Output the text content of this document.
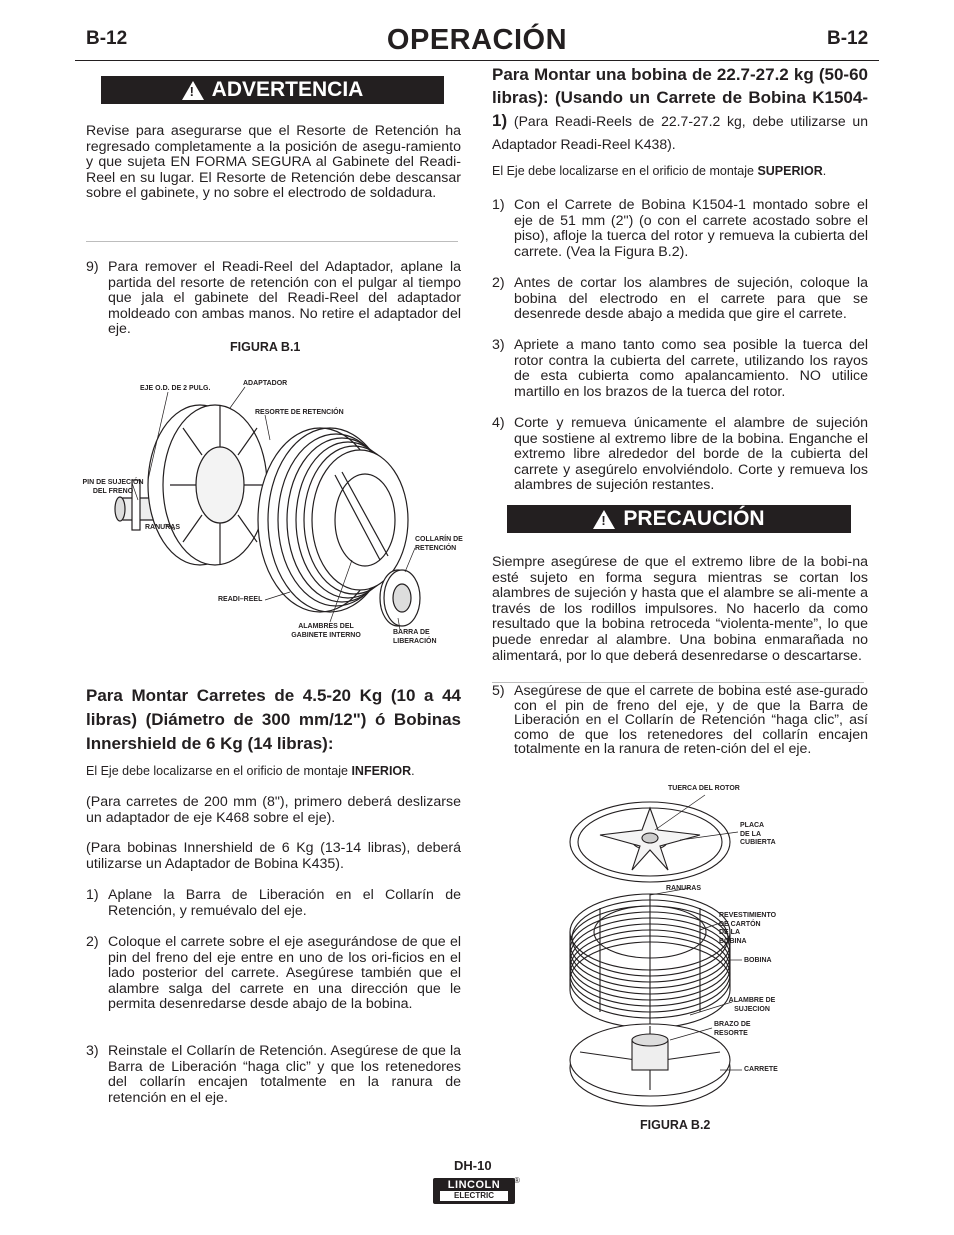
B-12	OPERACIÓN	B-12
! ADVERTENCIA
Revise para asegurarse que el Resorte de Retención ha regresado completamente a la posición de asegu-ramiento y que sujeta EN FORMA SEGURA al Gabinete del Readi-Reel en su lugar. El Resorte de Retención debe descansar sobre el gabinete, y no sobre el electrodo de soldadura.
9) Para remover el Readi-Reel del Adaptador, aplane la partida del resorte de retención con el pulgar al tiempo que jala el gabinete del Readi-Reel del adaptador moldeado con ambas manos. No retire el adaptador del eje.
FIGURA B.1
EJE O.D. DE 2 PULG.
ADAPTADOR
RESORTE DE RETENCIÓN
PIN DE SUJECIÓN
DEL FRENO
RANURAS
COLLARÍN DE
RETENCIÓN
READI–REEL
ALAMBRES DEL
GABINETE INTERNO	BARRA DE
LIBERACIÓN
Para Montar Carretes de 4.5-20 Kg (10 a 44 libras) (Diámetro de 300 mm/12") ó Bobinas Innershield de 6 Kg (14 libras):
El Eje debe localizarse en el orificio de montaje INFERIOR.
(Para carretes de 200 mm (8"), primero deberá deslizarse un adaptador de eje K468 sobre el eje).
(Para bobinas Innershield de 6 Kg (13-14 libras), deberá utilizarse un Adaptador de Bobina K435).
1) Aplane la Barra de Liberación en el Collarín de Retención, y remuévalo del eje.
2) Coloque el carrete sobre el eje asegurándose de que el pin del freno del eje entre en uno de los ori-ficios en el lado posterior del carrete. Asegúrese también que el alambre salga del carrete en una dirección que le permita desenredarse desde abajo de la bobina.
3) Reinstale el Collarín de Retención. Asegúrese de que la Barra de Liberación “haga clic” y que los retenedores del collarín encajen totalmente en la ranura de retención en el eje.
Para Montar una bobina de 22.7-27.2 kg (50-60 libras): (Usando un Carrete de Bobina K1504-1) (Para Readi-Reels de 22.7-27.2 kg, debe utilizarse un Adaptador Readi-Reel K438).
El Eje debe localizarse en el orificio de montaje SUPERIOR.
1) Con el Carrete de Bobina K1504-1 montado sobre el eje de 51 mm (2") (o con el carrete acostado sobre el piso), afloje la tuerca del rotor y remueva la cubierta del carrete. (Vea la Figura B.2).
2) Antes de cortar los alambres de sujeción, coloque la bobina del electrodo en el carrete para que se desenrede desde abajo a medida que gire el carrete.
3) Apriete a mano tanto como sea posible la tuerca del rotor contra la cubierta del carrete, utilizando los rayos de esta cubierta como apalancamiento. NO utilice martillo en los brazos de la tuerca del rotor.
4) Corte y remueva únicamente el alambre de sujeción que sostiene al extremo libre de la bobina. Enganche el extremo libre alrededor del borde de la cubierta del carrete y asegúrelo envolviéndolo. Corte y remueva los alambres de sujeción restantes.
! PRECAUCIÓN
Siempre asegúrese de que el extremo libre de la bobi-na esté sujeto en forma segura mientras se cortan los alambres de sujeción y hasta que el alambre se ali-mente a través de los rodillos impulsores. No hacerlo da como resultado que la bobina retroceda “violenta-mente”, lo que puede enredar al alambre. Una bobina enmarañada no alimentará, por lo que deberá desenredarse o descartarse.
5) Asegúrese de que el carrete de bobina esté ase-gurado con el pin de freno del eje, y de que la Barra de Liberación en el Collarín de Retención “haga clic”, así como de que los retenedores del collarín encajen totalmente en la ranura de reten-ción del el eje.
TUERCA DEL ROTOR
PLACA
DE LA
CUBIERTA
RANURAS
REVESTIMIENTO
DE CARTÓN
DE LA
BOBINA
BOBINA
ALAMBRE DE
SUJECION
BRAZO DE
RESORTE
CARRETE
FIGURA B.2
DH-10
LINCOLN
ELECTRIC
®
